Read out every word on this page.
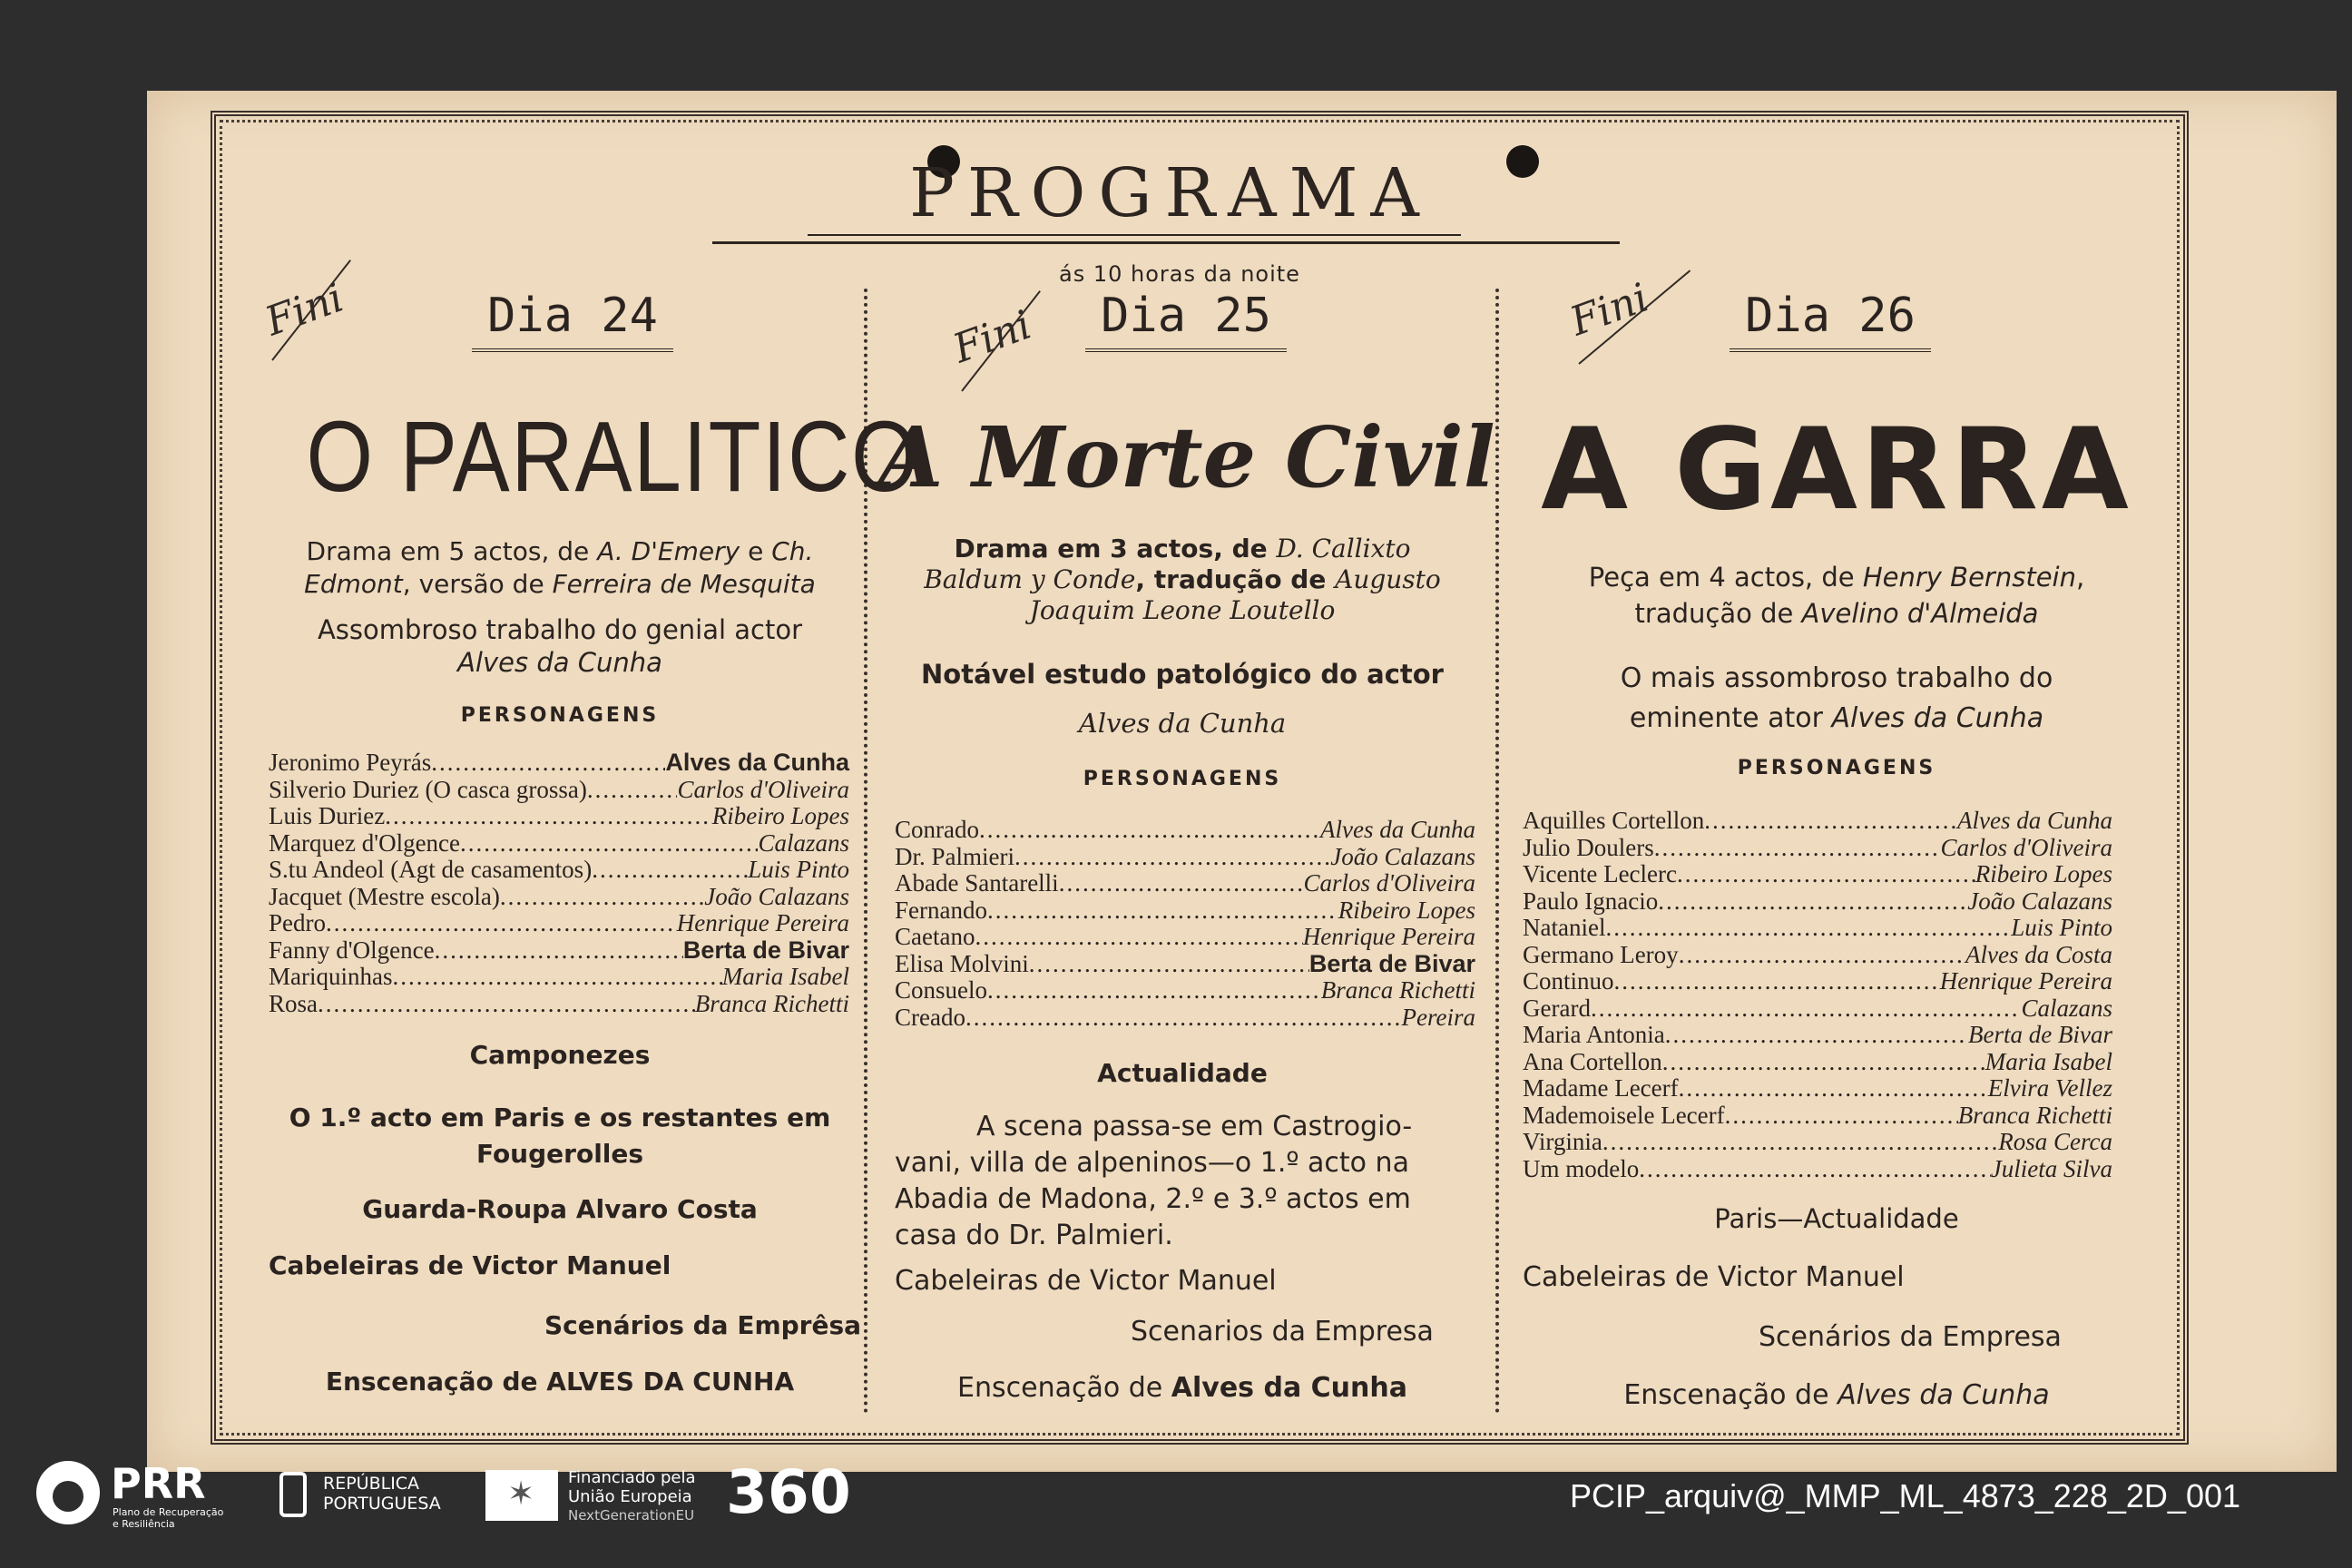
PROGRAMA
ás 10 horas da noite
Fini	Dia 24
O PARALITICO
Drama em 5 actos, de A. D'Emery e Ch.
Edmont, versão de Ferreira de Mesquita
Assombroso trabalho do genial actor
Alves da Cunha
PERSONAGENS
Jeronimo Peyrás .....	Alves da Cunha
Silverio Duriez (O casca grossa) .....	Carlos d'Oliveira
Luis Duriez .....	Ribeiro Lopes
Marquez d'Olgence .....	Calazans
S.tu Andeol (Agt de casamentos) .....	Luis Pinto
Jacquet (Mestre escola) .....	João Calazans
Pedro .....	Henrique Pereira
Fanny d'Olgence .....	Berta de Bivar
Mariquinhas .....	Maria Isabel
Rosa .....	Branca Richetti
Camponezes
O 1.º acto em Paris e os restantes em
Fougerolles
Guarda-Roupa Alvaro Costa
Cabeleiras de Victor Manuel
Scenários da Emprêsa
Enscenação de ALVES DA CUNHA
Fini	Dia 25
A Morte Civil
Drama em 3 actos, de D. Callixto
Baldum y Conde, tradução de Augusto
Joaquim Leone Loutello
Notável estudo patológico do actor
Alves da Cunha
PERSONAGENS
Conrado .....	Alves da Cunha
Dr. Palmieri .....	João Calazans
Abade Santarelli .....	Carlos d'Oliveira
Fernando .....	Ribeiro Lopes
Caetano .....	Henrique Pereira
Elisa Molvini .....	Berta de Bivar
Consuelo .....	Branca Richetti
Creado .....	Pereira
Actualidade
A scena passa-se em Castrogio-
vani, villa de alpeninos—o 1.º acto na
Abadia de Madona, 2.º e 3.º actos em
casa do Dr. Palmieri.
Cabeleiras de Victor Manuel
Scenarios da Empresa
Enscenação de Alves da Cunha
Fini	Dia 26
A GARRA
Peça em 4 actos, de Henry Bernstein,
tradução de Avelino d'Almeida
O mais assombroso trabalho do
eminente ator Alves da Cunha
PERSONAGENS
Aquilles Cortellon .....	Alves da Cunha
Julio Doulers .....	Carlos d'Oliveira
Vicente Leclerc .....	Ribeiro Lopes
Paulo Ignacio .....	João Calazans
Nataniel .....	Luis Pinto
Germano Leroy .....	Alves da Costa
Continuo .....	Henrique Pereira
Gerard .....	Calazans
Maria Antonia .....	Berta de Bivar
Ana Cortellon .....	Maria Isabel
Madame Lecerf .....	Elvira Vellez
Mademoisele Lecerf .....	Branca Richetti
Virginia .....	Rosa Cerca
Um modelo .....	Julieta Silva
Paris—Actualidade
Cabeleiras de Victor Manuel
Scenários da Empresa
Enscenação de Alves da Cunha
PRR
Plano de Recuperação
e Resiliência
REPÚBLICA
PORTUGUESA
✶
Financiado pela
União Europeia
NextGenerationEU 360	PCIP_arquiv@_MMP_ML_4873_228_2D_001
